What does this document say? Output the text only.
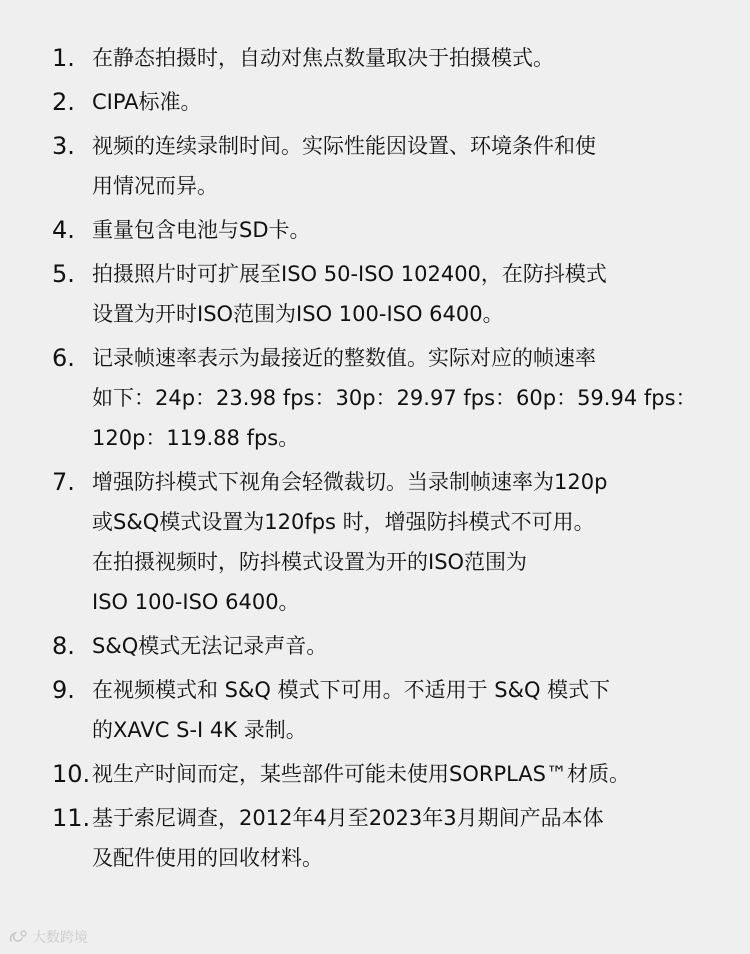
1. 在静态拍摄时，自动对焦点数量取决于拍摄模式。
2. CIPA标准。
3. 视频的连续录制时间。实际性能因设置、环境条件和使
用情况而异。
4. 重量包含电池与SD卡。
5. 拍摄照片时可扩展至ISO 50-ISO 102400，在防抖模式
设置为开时ISO范围为ISO 100-ISO 6400。
6. 记录帧速率表示为最接近的整数值。实际对应的帧速率
如下：24p：23.98 fps：30p：29.97 fps：60p：59.94 fps：
120p：119.88 fps。
7. 增强防抖模式下视角会轻微裁切。当录制帧速率为120p
或S&Q模式设置为120fps 时，增强防抖模式不可用。
在拍摄视频时，防抖模式设置为开的ISO范围为
ISO 100-ISO 6400。
8. S&Q模式无法记录声音。
9. 在视频模式和 S&Q 模式下可用。不适用于 S&Q 模式下
的XAVC S-I 4K 录制。
10. 视生产时间而定，某些部件可能未使用SORPLAS™材质。
11. 基于索尼调查，2012年4月至2023年3月期间产品本体
及配件使用的回收材料。
大数跨境
